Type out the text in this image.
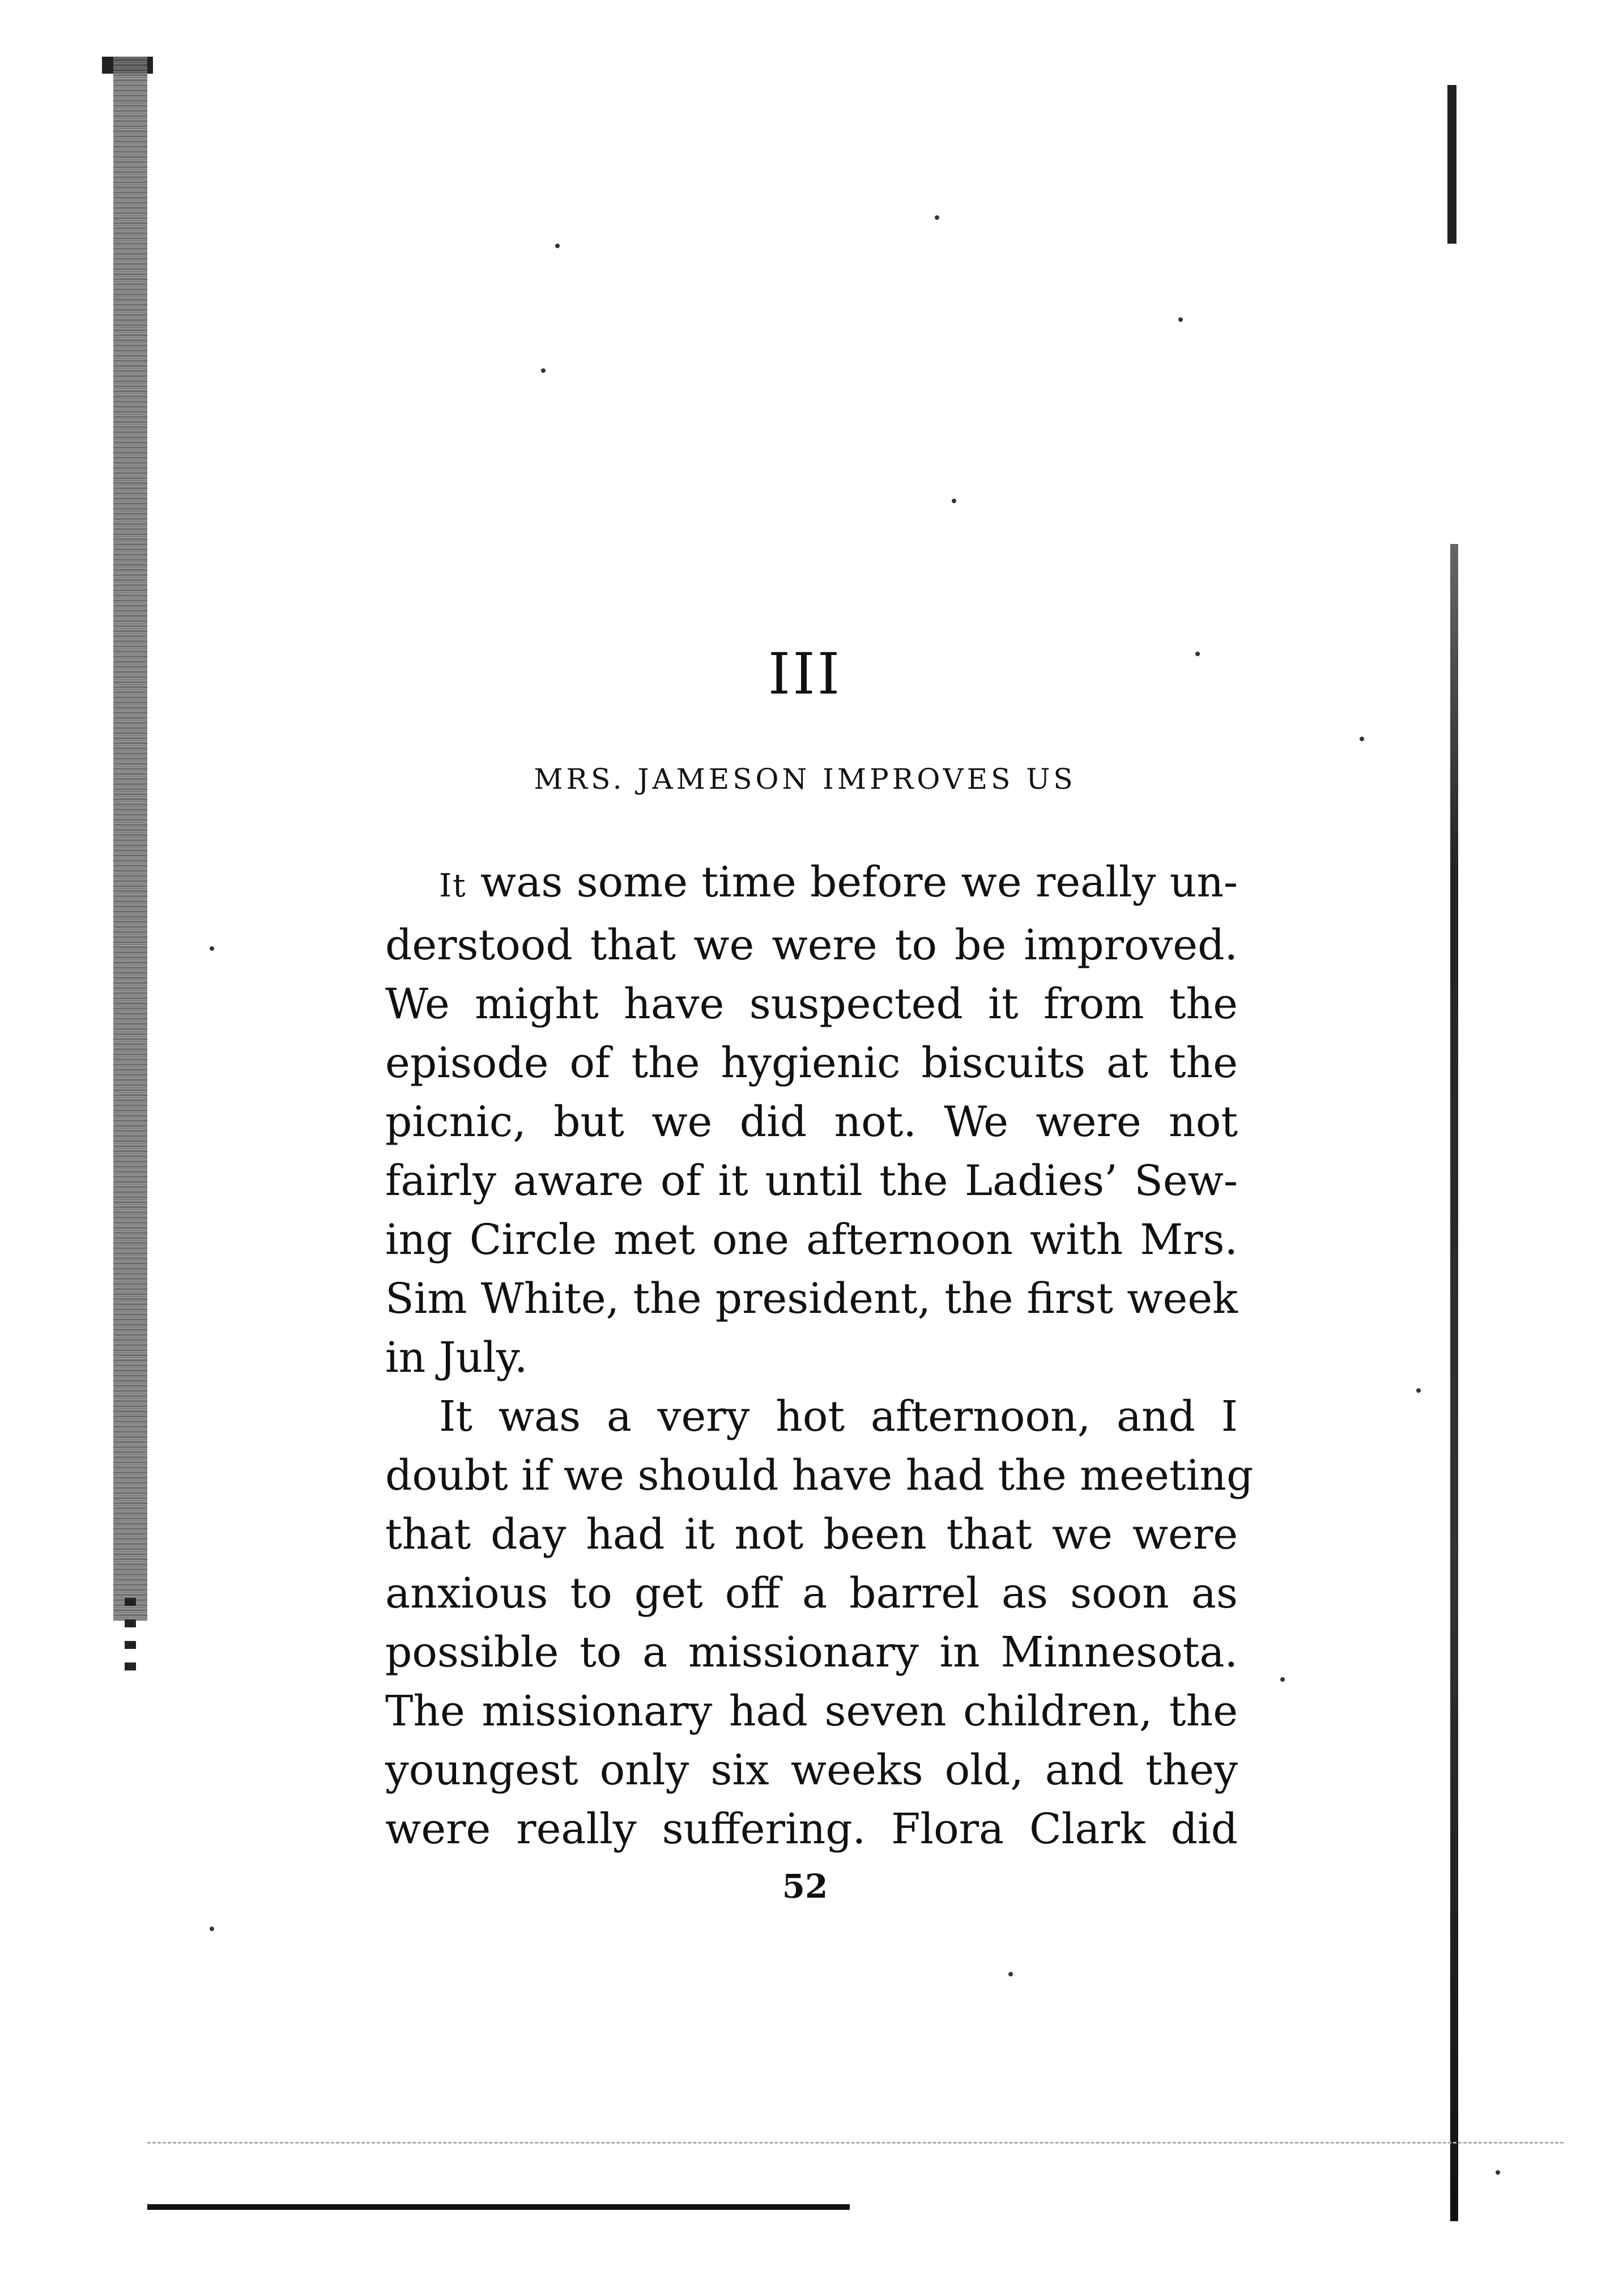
III
MRS. JAMESON IMPROVES US
It was some time before we really un-
derstood that we were to be improved.
We might have suspected it from the
episode of the hygienic biscuits at the
picnic, but we did not. We were not
fairly aware of it until the Ladies’ Sew-
ing Circle met one afternoon with Mrs.
Sim White, the president, the first week
in July.
It was a very hot afternoon, and I
doubt if we should have had the meeting
that day had it not been that we were
anxious to get off a barrel as soon as
possible to a missionary in Minnesota.
The missionary had seven children, the
youngest only six weeks old, and they
were really suffering. Flora Clark did
52
